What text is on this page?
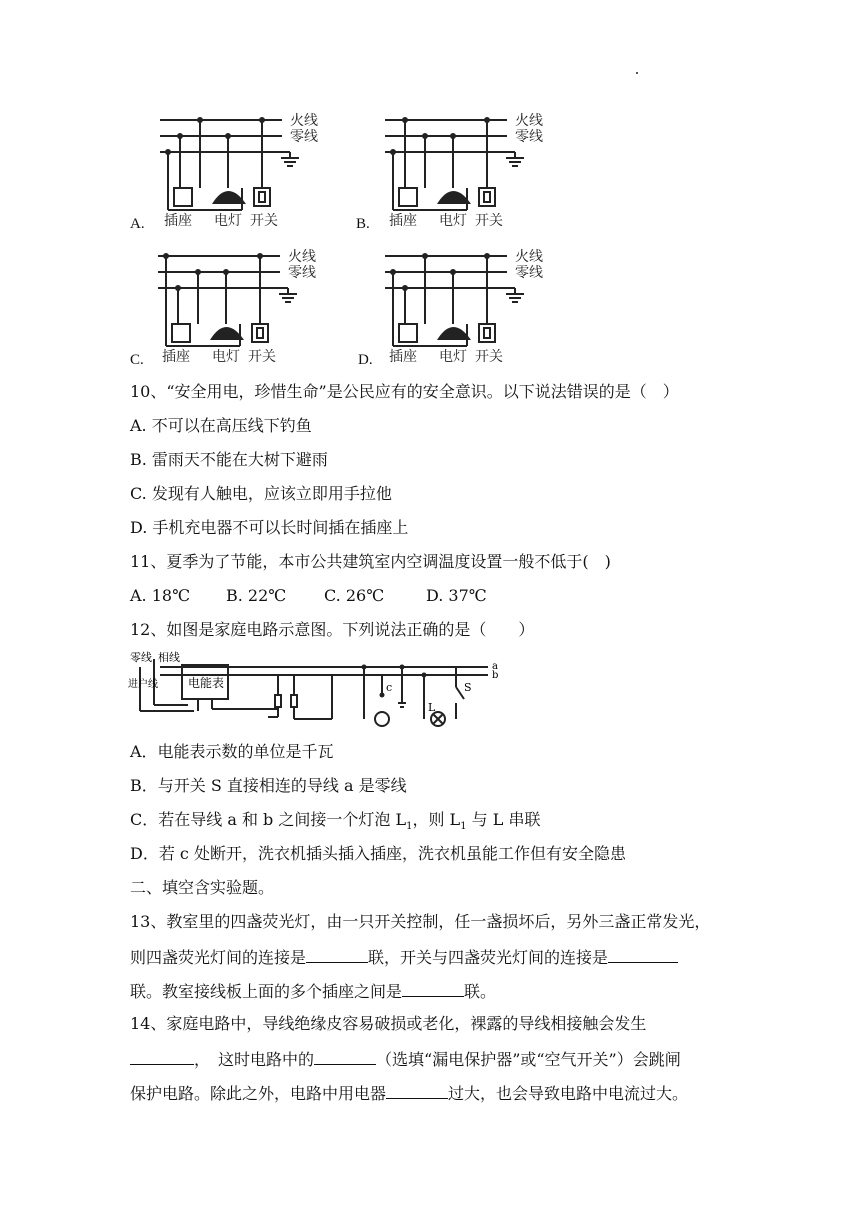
火线
零线
插座 电灯 开关
A.
火线
零线
插座 电灯 开关
B.
火线
零线
插座 电灯 开关
C.
火线
零线
插座 电灯 开关
D.
10、“安全用电，珍惜生命”是公民应有的安全意识。以下说法错误的是（　）
A. 不可以在高压线下钓鱼
B. 雷雨天不能在大树下避雨
C. 发现有人触电，应该立即用手拉他
D. 手机充电器不可以长时间插在插座上
11、夏季为了节能，本市公共建筑室内空调温度设置一般不低于(　)
A. 18℃ B. 22℃ C. 26℃	D. 37℃
12、如图是家庭电路示意图。下列说法正确的是（　　）
零线 相线
进户线	电能表
a
b
c
L
S
A．电能表示数的单位是千瓦
B．与开关 S 直接相连的导线 a 是零线
C．若在导线 a 和 b 之间接一个灯泡 $L_1$，则 $L_1$ 与 L 串联
D．若 c 处断开，洗衣机插头插入插座，洗衣机虽能工作但有安全隐患
二、填空含实验题。
13、教室里的四盏荧光灯，由一只开关控制，任一盏损坏后，另外三盏正常发光，
则四盏荧光灯间的连接是	联，开关与四盏荧光灯间的连接是
联。教室接线板上面的多个插座之间是	联。
14、家庭电路中，导线绝缘皮容易破损或老化，裸露的导线相接触会发生
，　这时电路中的	（选填“漏电保护器”或“空气开关”）会跳闸
保护电路。除此之外，电路中用电器	过大，也会导致电路中电流过大。
